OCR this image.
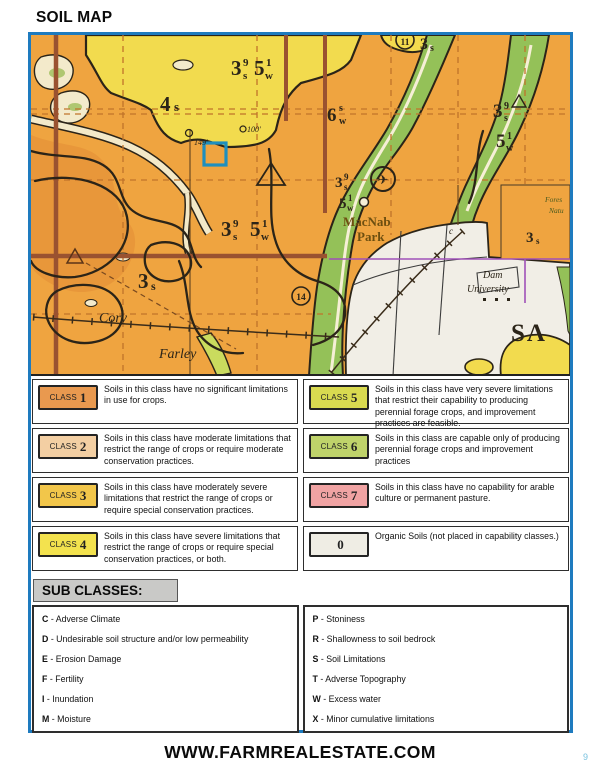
SOIL MAP
✈
14
11
3 9
s 5 1
w
3 9
s 5 1
w
3 9
s
5 1
w
3 9
s
5 1
w
3 s
4 s	6 s
w
3 s
3 s
MacNab
Park
Cory
Farley
Dam
University
SA
Fores
Natu
149′
100′
c
CLASS 1

Soils in this class have no significant limitations in use for crops.

CLASS 2

Soils in this class have moderate limitations that restrict the range of crops or require moderate conservation practices.

CLASS 3

Soils in this class have moderately severe limitations that restrict the range of crops or require special conservation practices.

CLASS 4

Soils in this class have severe limitations that restrict the range of crops or require special conservation practices, or both.

CLASS 5

Soils in this class have very severe limitations that restrict their capability to producing perennial forage crops, and improvement practices are feasible.

CLASS 6

Soils in this class are capable only of producing perennial forage crops and improvement practices

CLASS 7

Soils in this class have no capability for arable culture or permanent pasture.

0

Organic Soils (not placed in capability classes.)

SUB CLASSES:
C - Adverse Climate
D - Undesirable soil structure and/or low permeability
E - Erosion Damage
F - Fertility
I - Inundation
M - Moisture
P - Stoniness
R - Shallowness to soil bedrock
S - Soil Limitations
T - Adverse Topography
W - Excess water
X - Minor cumulative limitations
WWW.FARMREALESTATE.COM	9
